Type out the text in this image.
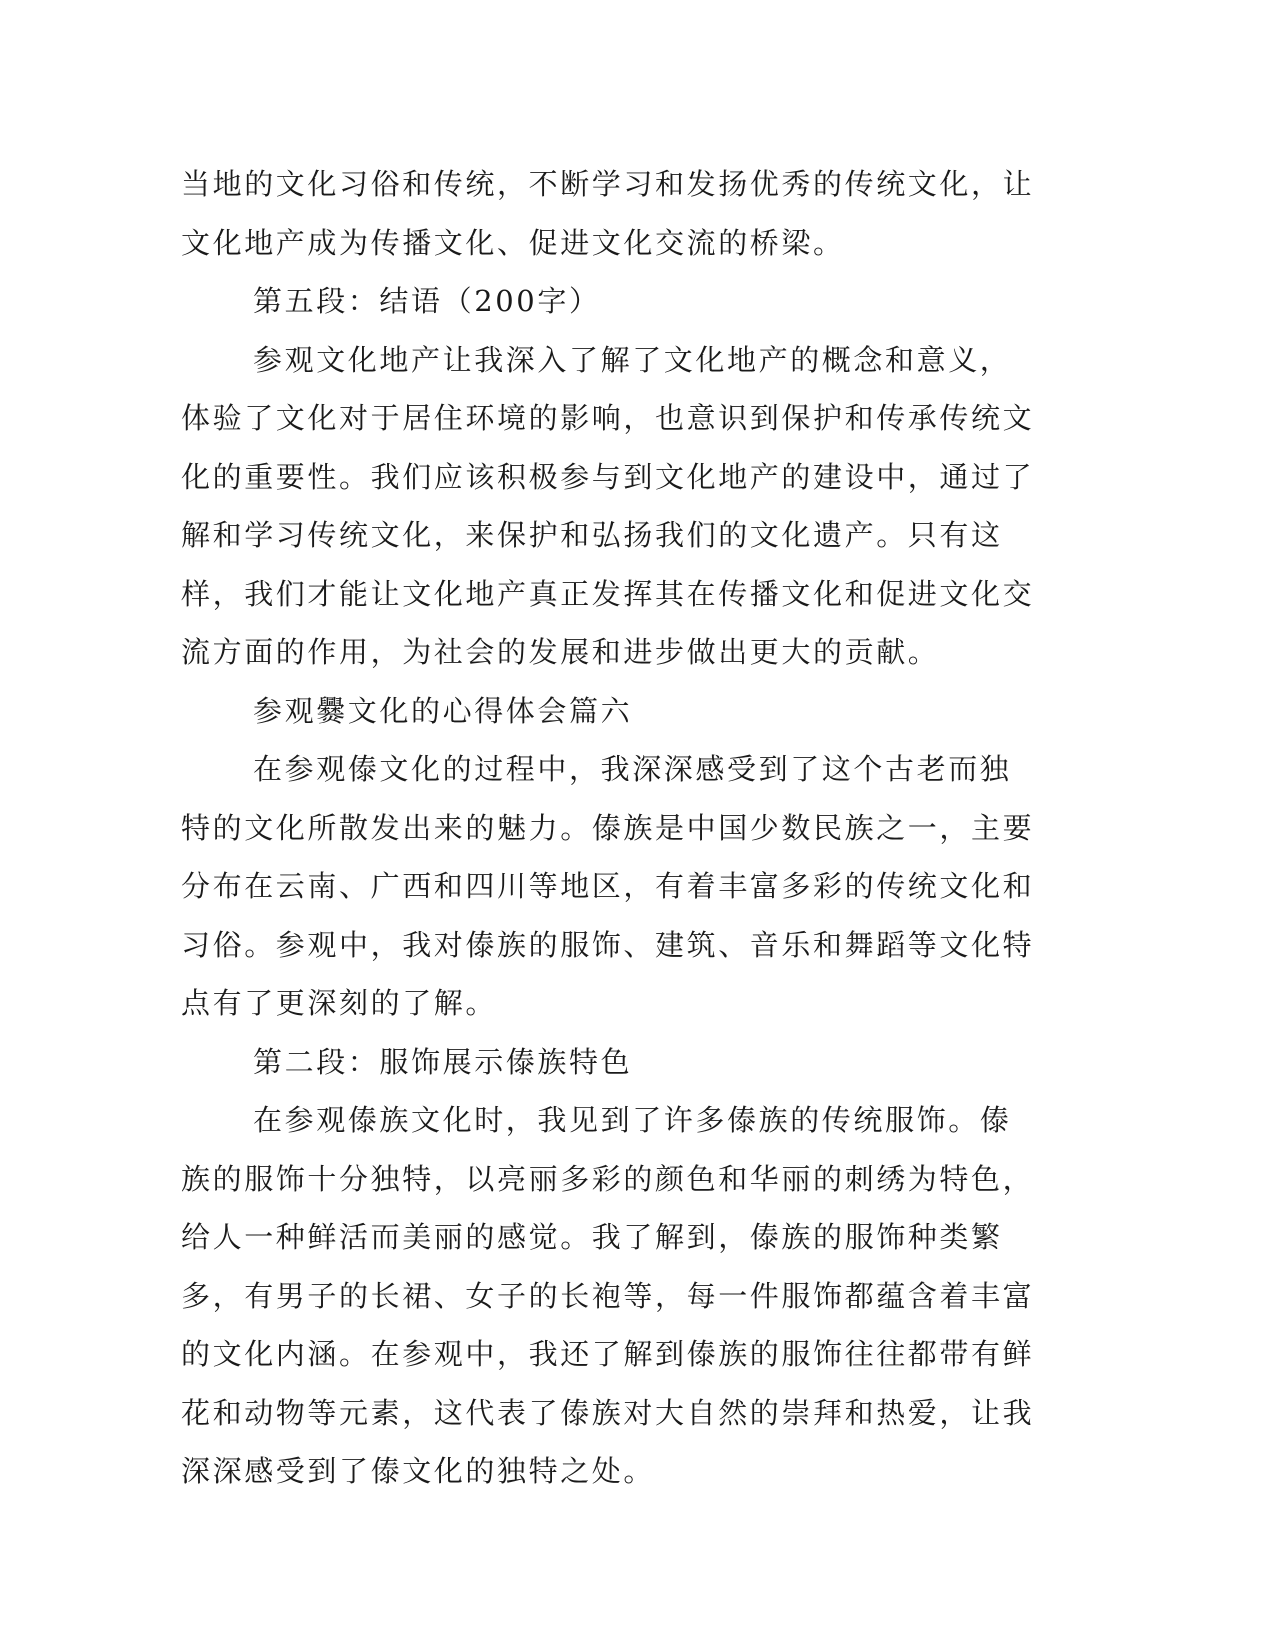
当地的文化习俗和传统，不断学习和发扬优秀的传统文化，让文化地产成为传播文化、促进文化交流的桥梁。

第五段：结语（200字）

参观文化地产让我深入了解了文化地产的概念和意义，体验了文化对于居住环境的影响，也意识到保护和传承传统文化的重要性。我们应该积极参与到文化地产的建设中，通过了解和学习传统文化，来保护和弘扬我们的文化遗产。只有这样，我们才能让文化地产真正发挥其在传播文化和促进文化交流方面的作用，为社会的发展和进步做出更大的贡献。

参观爨文化的心得体会篇六

在参观傣文化的过程中，我深深感受到了这个古老而独特的文化所散发出来的魅力。傣族是中国少数民族之一，主要分布在云南、广西和四川等地区，有着丰富多彩的传统文化和习俗。参观中，我对傣族的服饰、建筑、音乐和舞蹈等文化特点有了更深刻的了解。

第二段：服饰展示傣族特色

在参观傣族文化时，我见到了许多傣族的传统服饰。傣族的服饰十分独特，以亮丽多彩的颜色和华丽的刺绣为特色，给人一种鲜活而美丽的感觉。我了解到，傣族的服饰种类繁多，有男子的长裙、女子的长袍等，每一件服饰都蕴含着丰富的文化内涵。在参观中，我还了解到傣族的服饰往往都带有鲜花和动物等元素，这代表了傣族对大自然的崇拜和热爱，让我深深感受到了傣文化的独特之处。
